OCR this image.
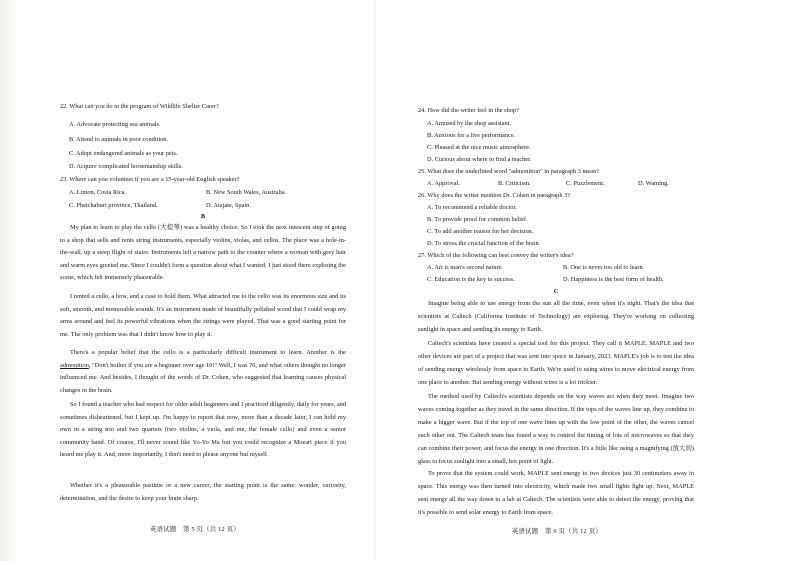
22. What can you do in the program of Wildlife Shelter Carer?
A. Advocate protecting sea animals.
B. Attend to animals in poor condition.
C. Adopt endangered animals as your pets.
D. Acquire complicated horsemanship skills.
23. Where can you volunteer if you are a 15-year-old English speaker?
A. Limon, Costa Rica.	B. New South Wales, Australia.
C. Phetchaburi province, Thailand.	D. Atajate, Spain.
B

My plan to learn to play the cello (大提琴) was a healthy choice. So I took the next innocent step of going to a shop that sells and rents string instruments, especially violins, violas, and cellos. The place was a hole-in-the-wall, up a steep flight of stairs. Instruments left a narrow path to the counter where a woman with grey hair and warm eyes greeted me. Since I couldn't form a question about what I wanted, I just stood there exploring the scene, which felt immensely pleasurable.

I rented a cello, a bow, and a case to hold them. What attracted me to the cello was its enormous size and its soft, smooth, and memorable sounds. It's an instrument made of beautifully polished wood that I could wrap my arms around and feel its powerful vibrations when the strings were played. That was a good starting point for me. The only problem was that I didn't know how to play it.

There's a popular belief that the cello is a particularly difficult instrument to learn. Another is the admonition, "Don't bother if you are a beginner over age 10!" Well, I was 70, and what others thought no longer influenced me. And besides, I thought of the words of Dr. Cohen, who suggested that learning causes physical changes in the brain.

So I found a teacher who had respect for older adult beginners and I practiced diligently, daily for years, and sometimes disheartened, but I kept up. I'm happy to report that now, more than a decade later, I can hold my own in a string trio and two quartets (two violins, a viola, and me, the female cello) and even a senior community band. Of course, I'll never sound like Yo-Yo Ma but you could recognize a Mozart piece if you heard me play it. And, more importantly, I don't need to please anyone but myself.

Whether it's a pleasurable pastime or a new career, the starting point is the same: wonder, curiosity, determination, and the desire to keep your brain sharp.

英语试题　第 5 页（共 12 页）
24. How did the writer feel in the shop?
A. Amused by the shop assistant.
B. Anxious for a live performance.
C. Pleased at the nice music atmosphere.
D. Curious about where to find a teacher.
25. What does the underlined word "admonition" in paragraph 3 mean?
A. Approval.	B. Criticism.	C. Puzzlement.	D. Warning.
26. Why does the writer mention Dr. Cohen in paragraph 3?
A. To recommend a reliable doctor.
B. To provide proof for common belief.
C. To add another reason for her decision.
D. To stress the crucial function of the brain.
27. Which of the following can best convey the writer's idea?
A. Art is man's second nature.	B. One is never too old to learn.
C. Education is the key to success.	D. Happiness is the best form of health.
C

Imagine being able to use energy from the sun all the time, even when it's night. That's the idea that scientists at Caltech (California Institute of Technology) are exploring. They're working on collecting sunlight in space and sending its energy to Earth.

Caltech's scientists have created a special tool for this project. They call it MAPLE. MAPLE and two other devices are part of a project that was sent into space in January, 2023. MAPLE's job is to test the idea of sending energy wirelessly from space to Earth. We're used to using wires to move electrical energy from one place to another. But sending energy without wires is a lot trickier.

The method used by Caltech's scientists depends on the way waves act when they meet. Imagine two waves coming together as they travel in the same direction. If the tops of the waves line up, they combine to make a bigger wave. But if the top of one wave lines up with the low point of the other, the waves cancel each other out. The Caltech team has found a way to control the timing of lots of microwaves so that they can combine their power, and focus the energy in one direction. It's a little like using a magnifying (放大的) glass to focus sunlight into a small, hot point of light.

To prove that the system could work, MAPLE sent energy to two devices just 30 centimeters away in space. This energy was then turned into electricity, which made two small lights light up. Next, MAPLE sent energy all the way down to a lab at Caltech. The scientists were able to detect the energy, proving that it's possible to send solar energy to Earth from space.

英语试题　第 6 页（共 12 页）
